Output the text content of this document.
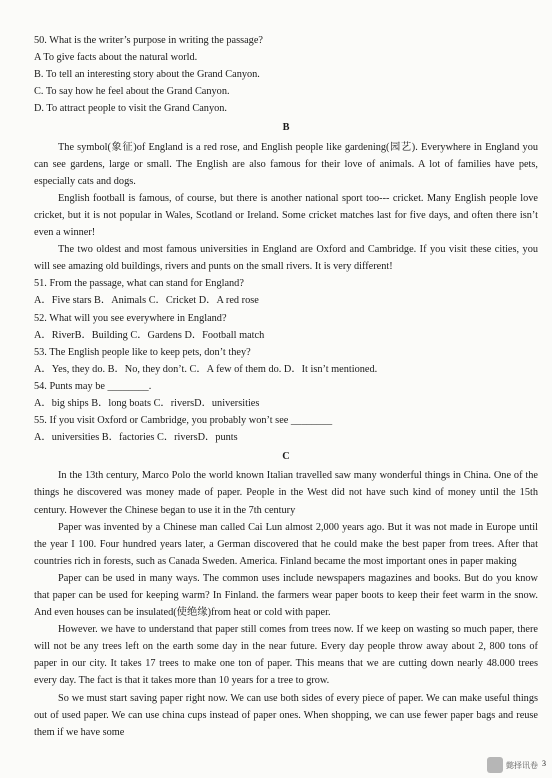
50. What is the writer’s purpose in writing the passage?
A To give facts about the natural world.
B. To tell an interesting story about the Grand Canyon.
C. To say how he feel about the Grand Canyon.
D. To attract people to visit the Grand Canyon.
B

The symbol(象征)of England is a red rose, and English people like gardening(园艺). Everywhere in England you can see gardens, large or small. The English are also famous for their love of animals. A lot of families have pets, especially cats and dogs.

English football is famous, of course, but there is another national sport too--- cricket. Many English people love cricket, but it is not popular in Wales, Scotland or Ireland. Some cricket matches last for five days, and often there isn’t even a winner!

The two oldest and most famous universities in England are Oxford and Cambridge. If you visit these cities, you will see amazing old buildings, rivers and punts on the small rivers. It is very different!

51. From the passage, what can stand for England?
A．Five stars B．Animals C．Cricket D．A red rose
52. What will you see everywhere in England?
A．RiverB．Building C．Gardens D．Football match
53. The English people like to keep pets, don’t they?
A．Yes, they do. B．No, they don’t. C．A few of them do. D．It isn’t mentioned.
54. Punts may be ________.
A．big ships B．long boats C．riversD．universities
55. If you visit Oxford or Cambridge, you probably won’t see ________
A．universities B．factories C．riversD．punts
C

In the 13th century, Marco Polo the world known Italian travelled saw many wonderful things in China. One of the things he discovered was money made of paper. People in the West did not have such kind of money until the 15th century. However the Chinese began to use it in the 7th century

Paper was invented by a Chinese man called Cai Lun almost 2,000 years ago. But it was not made in Europe until the year I 100. Four hundred years later, a German discovered that he could make the best paper from trees. After that countries rich in forests, such as Canada Sweden. America. Finland became the most important ones in paper making

Paper can be used in many ways. The common uses include newspapers magazines and books. But do you know that paper can be used for keeping warm? In Finland. the farmers wear paper boots to keep their feet warm in the snow. And even houses can be insulated(使绝缘)from heat or cold with paper.

However. we have to understand that paper still comes from trees now. If we keep on wasting so much paper, there will not be any trees left on the earth some day in the near future. Every day people throw away about 2, 800 tons of paper in our city. It takes 17 trees to make one ton of paper. This means that we are cutting down nearly 48.000 trees every day. The fact is that it takes more than 10 years for a tree to grow.

So we must start saving paper right now. We can use both sides of every piece of paper. We can make useful things out of used paper. We can use china cups instead of paper ones. When shopping, we can use fewer paper bags and reuse them if we have some

懿择讯卷 3
